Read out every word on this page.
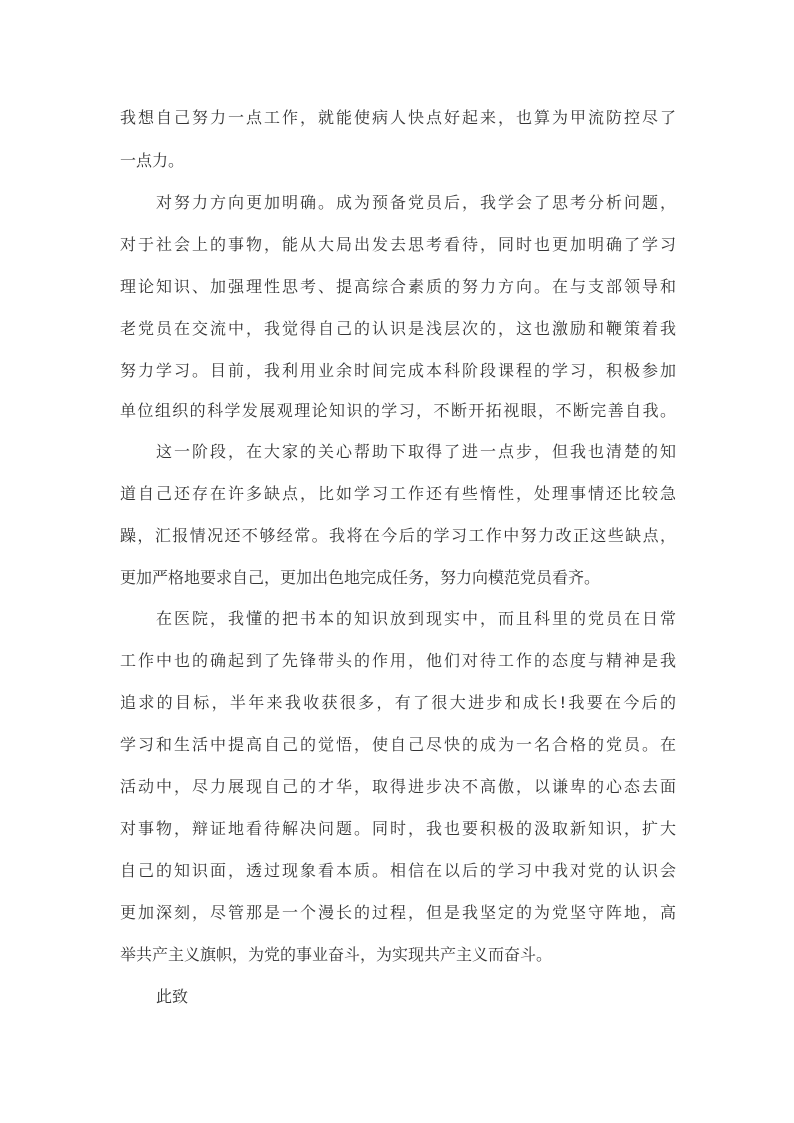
我想自己努力一点工作，就能使病人快点好起来，也算为甲流防控尽了
一点力。
对努力方向更加明确。成为预备党员后，我学会了思考分析问题，
对于社会上的事物，能从大局出发去思考看待，同时也更加明确了学习
理论知识、加强理性思考、提高综合素质的努力方向。在与支部领导和
老党员在交流中，我觉得自己的认识是浅层次的，这也激励和鞭策着我
努力学习。目前，我利用业余时间完成本科阶段课程的学习，积极参加
单位组织的科学发展观理论知识的学习，不断开拓视眼，不断完善自我。
这一阶段，在大家的关心帮助下取得了进一点步，但我也清楚的知
道自己还存在许多缺点，比如学习工作还有些惰性，处理事情还比较急
躁，汇报情况还不够经常。我将在今后的学习工作中努力改正这些缺点，
更加严格地要求自己，更加出色地完成任务，努力向模范党员看齐。
在医院，我懂的把书本的知识放到现实中，而且科里的党员在日常
工作中也的确起到了先锋带头的作用，他们对待工作的态度与精神是我
追求的目标，半年来我收获很多，有了很大进步和成长!我要在今后的
学习和生活中提高自己的觉悟，使自己尽快的成为一名合格的党员。在
活动中，尽力展现自己的才华，取得进步决不高傲，以谦卑的心态去面
对事物，辩证地看待解决问题。同时，我也要积极的汲取新知识，扩大
自己的知识面，透过现象看本质。相信在以后的学习中我对党的认识会
更加深刻，尽管那是一个漫长的过程，但是我坚定的为党坚守阵地，高
举共产主义旗帜，为党的事业奋斗，为实现共产主义而奋斗。
此致
